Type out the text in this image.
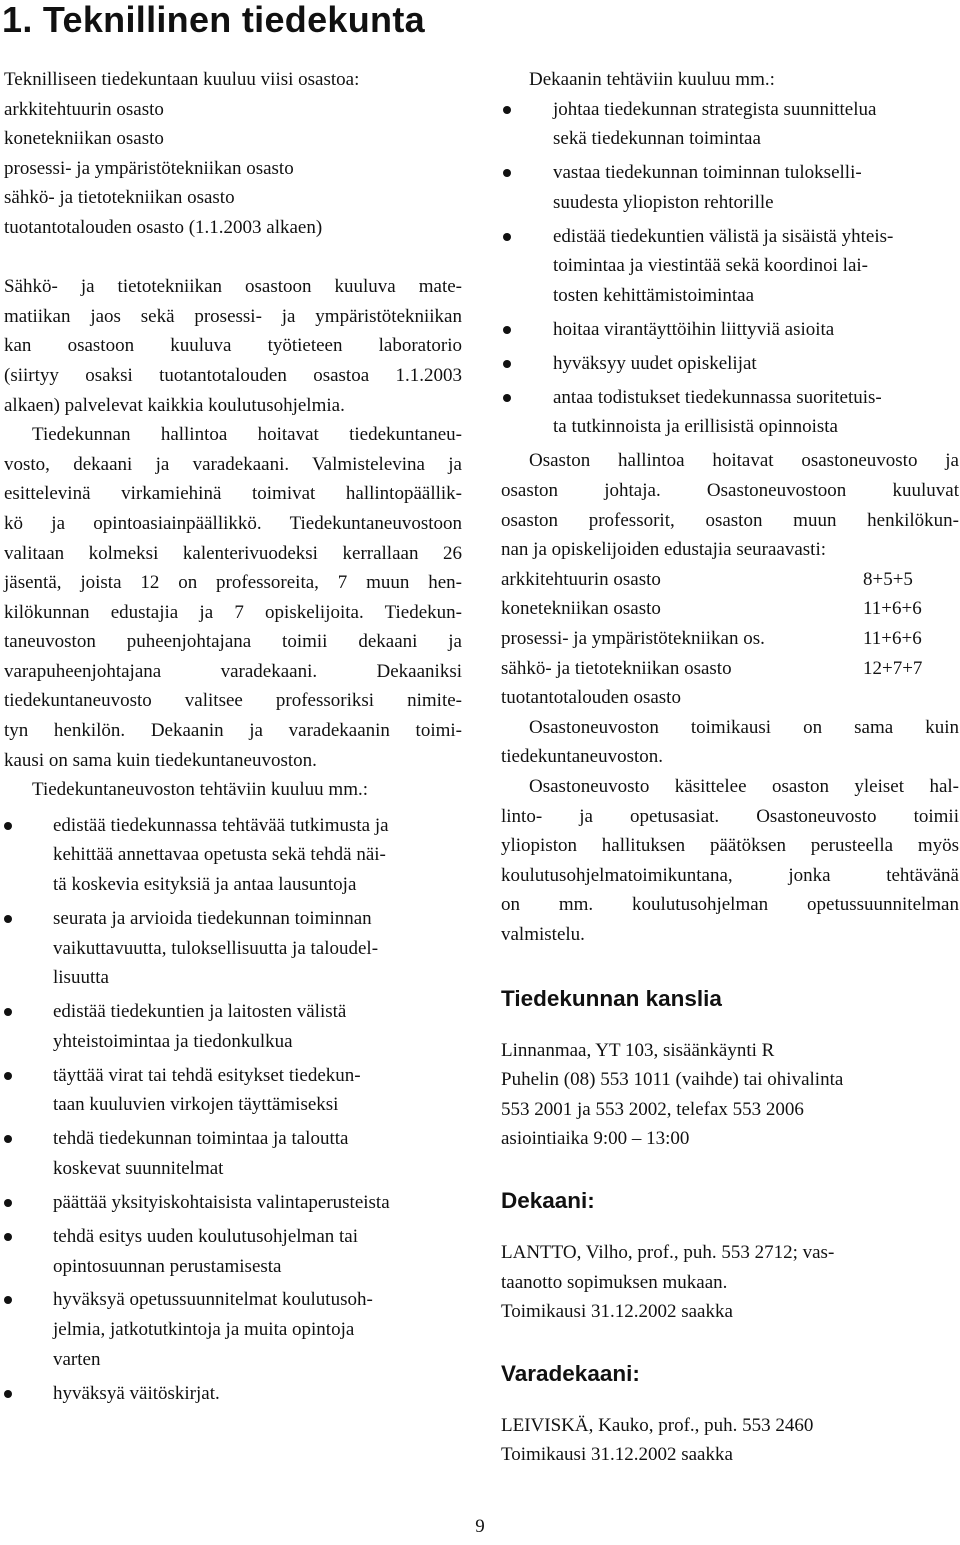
1. Teknillinen tiedekunta
Teknilliseen tiedekuntaan kuuluu viisi osastoa:
arkkitehtuurin osasto
konetekniikan osasto
prosessi- ja ympäristötekniikan osasto
sähkö- ja tietotekniikan osasto
tuotantotalouden osasto (1.1.2003 alkaen)
Sähkö- ja tietotekniikan osastoon kuuluva mate-
matiikan jaos sekä prosessi- ja ympäristötekniikan
kan osastoon kuuluva työtieteen laboratorio
(siirtyy osaksi tuotantotalouden osastoa 1.1.2003
alkaen) palvelevat kaikkia koulutusohjelmia.
Tiedekunnan hallintoa hoitavat tiedekuntaneu-
vosto, dekaani ja varadekaani. Valmistelevina ja
esittelevinä virkamiehinä toimivat hallintopäällik-
kö ja opintoasiainpäällikkö. Tiedekuntaneuvostoon
valitaan kolmeksi kalenterivuodeksi kerrallaan 26
jäsentä, joista 12 on professoreita, 7 muun hen-
kilökunnan edustajia ja 7 opiskelijoita. Tiedekun-
taneuvoston puheenjohtajana toimii dekaani ja
varapuheenjohtajana varadekaani. Dekaaniksi
tiedekuntaneuvosto valitsee professoriksi nimite-
tyn henkilön. Dekaanin ja varadekaanin toimi-
kausi on sama kuin tiedekuntaneuvoston.
Tiedekuntaneuvoston tehtäviin kuuluu mm.:
edistää tiedekunnassa tehtävää tutkimusta ja
kehittää annettavaa opetusta sekä tehdä näi-
tä koskevia esityksiä ja antaa lausuntoja
seurata ja arvioida tiedekunnan toiminnan
vaikuttavuutta, tuloksellisuutta ja taloudel-
lisuutta
edistää tiedekuntien ja laitosten välistä
yhteistoimintaa ja tiedonkulkua
täyttää virat tai tehdä esitykset tiedekun-
taan kuuluvien virkojen täyttämiseksi
tehdä tiedekunnan toimintaa ja taloutta
koskevat suunnitelmat
päättää yksityiskohtaisista valintaperusteista
tehdä esitys uuden koulutusohjelman tai
opintosuunnan perustamisesta
hyväksyä opetussuunnitelmat koulutusoh-
jelmia, jatkotutkintoja ja muita opintoja
varten
hyväksyä väitöskirjat.
Dekaanin tehtäviin kuuluu mm.:
johtaa tiedekunnan strategista suunnittelua
sekä tiedekunnan toimintaa
vastaa tiedekunnan toiminnan tulokselli-
suudesta yliopiston rehtorille
edistää tiedekuntien välistä ja sisäistä yhteis-
toimintaa ja viestintää sekä koordinoi lai-
tosten kehittämistoimintaa
hoitaa virantäyttöihin liittyviä asioita
hyväksyy uudet opiskelijat
antaa todistukset tiedekunnassa suoritetuis-
ta tutkinnoista ja erillisistä opinnoista
Osaston hallintoa hoitavat osastoneuvosto ja
osaston johtaja. Osastoneuvostoon kuuluvat
osaston professorit, osaston muun henkilökun-
nan ja opiskelijoiden edustajia seuraavasti:
arkkitehtuurin osasto	8+5+5
konetekniikan osasto	11+6+6
prosessi- ja ympäristötekniikan os.	11+6+6
sähkö- ja tietotekniikan osasto	12+7+7
tuotantotalouden osasto
Osastoneuvoston toimikausi on sama kuin
tiedekuntaneuvoston.
Osastoneuvosto käsittelee osaston yleiset hal-
linto- ja opetusasiat. Osastoneuvosto toimii
yliopiston hallituksen päätöksen perusteella myös
koulutusohjelmatoimikuntana, jonka tehtävänä
on mm. koulutusohjelman opetussuunnitelman
valmistelu.
Tiedekunnan kanslia
Linnanmaa, YT 103, sisäänkäynti R
Puhelin (08) 553 1011 (vaihde) tai ohivalinta
553 2001 ja 553 2002, telefax 553 2006
asiointiaika 9:00 – 13:00
Dekaani:
LANTTO, Vilho, prof., puh. 553 2712; vas-
taanotto sopimuksen mukaan.
Toimikausi 31.12.2002 saakka
Varadekaani:
LEIVISKÄ, Kauko, prof., puh. 553 2460
Toimikausi 31.12.2002 saakka
9
